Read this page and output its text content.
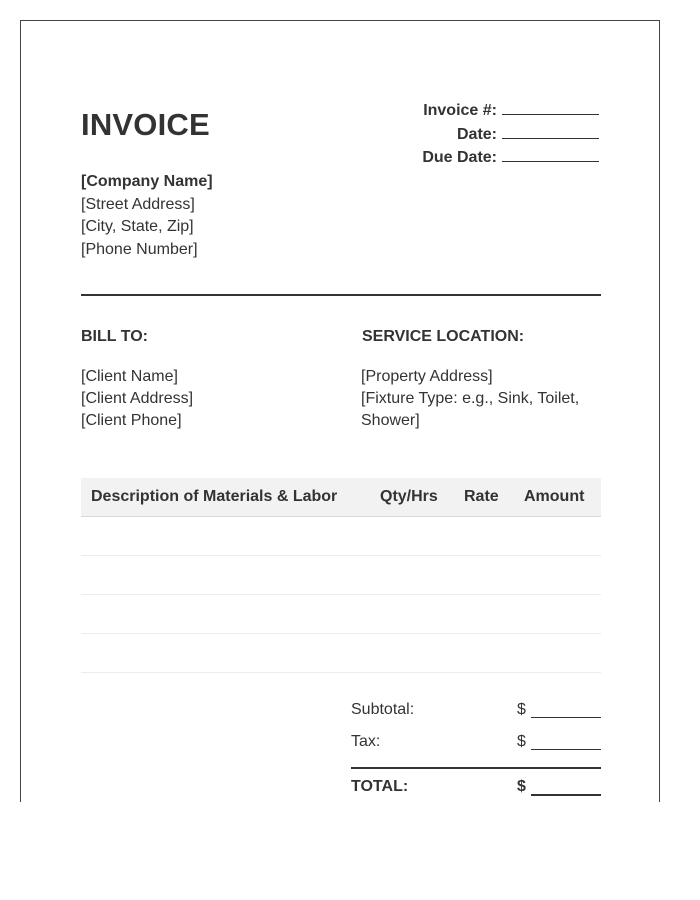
INVOICE	Invoice #:
Date:
Due Date:
[Company Name]
[Street Address]
[City, State, Zip]
[Phone Number]
BILL TO:	SERVICE LOCATION:
[Client Name]
[Client Address]
[Client Phone]
[Property Address]
[Fixture Type: e.g., Sink, Toilet, Shower]
Description of Materials & Labor	Qty/Hrs Rate Amount
Subtotal:	$
Tax:	$
TOTAL:	$
